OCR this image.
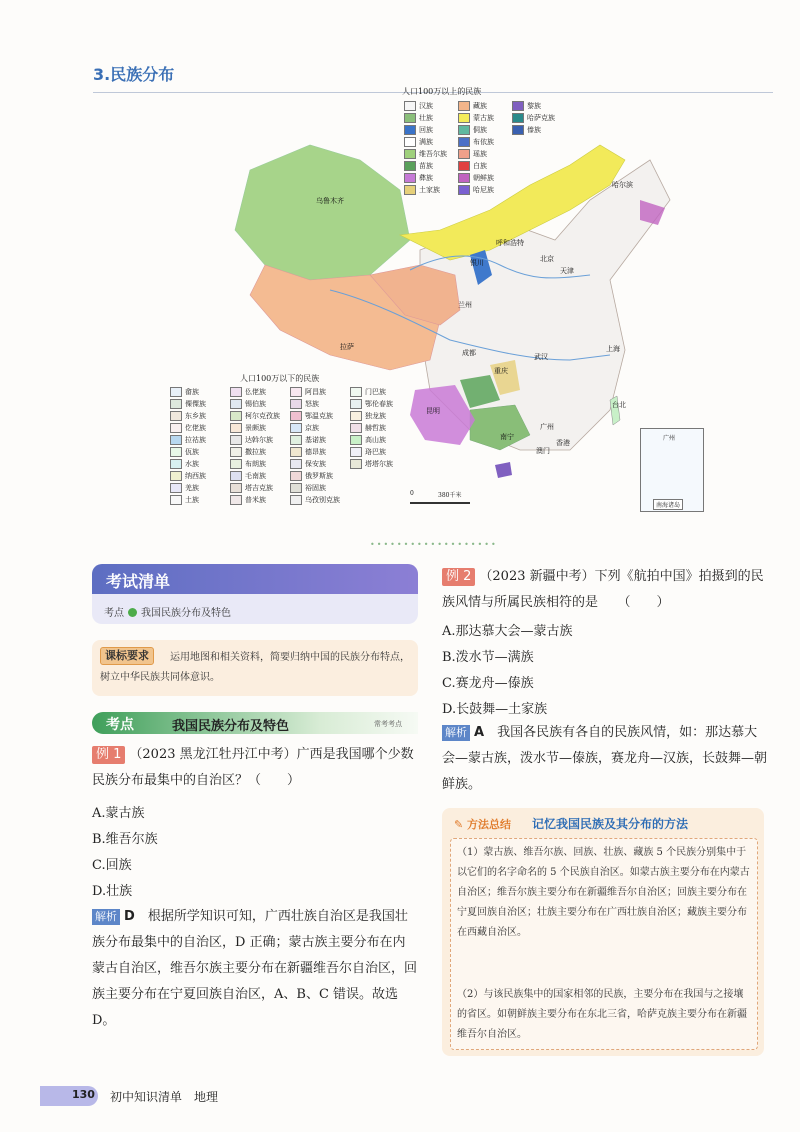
3.民族分布
人口100万以上的民族
汉族
壮族
回族
满族
维吾尔族
苗族
彝族
土家族
藏族
蒙古族
侗族
布依族
瑶族
白族
朝鲜族
哈尼族
黎族
哈萨克族
傣族
人口100万以下的民族
畲族
傈僳族
东乡族
仡佬族
拉祜族
佤族
水族
纳西族
羌族
土族
仫佬族
锡伯族
柯尔克孜族
景颇族
达斡尔族
撒拉族
布朗族
毛南族
塔吉克族
普米族
阿昌族
怒族
鄂温克族
京族
基诺族
德昂族
保安族
俄罗斯族
裕固族
乌孜别克族
门巴族
鄂伦春族
独龙族
赫哲族
高山族
珞巴族
塔塔尔族
乌鲁木齐
呼和浩特
北京
天津
银川
兰州
拉萨
成都
重庆
武汉
上海
昆明
南宁
广州
香港
澳门
台北
哈尔滨
0	380千米
广州
南海诸岛
•••••••••••••••••••
考试清单
考点 我国民族分布及特色
运用地图和相关资料，简要归纳中国的民族分布特点，树立中华民族共同体意识。
课标要求
考点	我国民族分布及特色	常考考点
例 1 （2023 黑龙江牡丹江中考）广西是我国哪个少数民族分布最集中的自治区？（　　）
A.蒙古族
B.维吾尔族
C.回族
D.壮族
解析 D　 根据所学知识可知，广西壮族自治区是我国壮族分布最集中的自治区，D 正确；蒙古族主要分布在内蒙古自治区，维吾尔族主要分布在新疆维吾尔自治区，回族主要分布在宁夏回族自治区，A、B、C 错误。故选 D。
例 2 （2023 新疆中考）下列《航拍中国》拍摄到的民族风情与所属民族相符的是　　（　　）
A.那达慕大会—蒙古族
B.泼水节—满族
C.赛龙舟—傣族
D.长鼓舞—土家族
解析 A　 我国各民族有各自的民族风情，如：那达慕大会—蒙古族，泼水节—傣族，赛龙舟—汉族，长鼓舞—朝鲜族。
✎ 方法总结 记忆我国民族及其分布的方法
（1）蒙古族、维吾尔族、回族、壮族、藏族 5 个民族分别集中于以它们的名字命名的 5 个民族自治区。如蒙古族主要分布在内蒙古自治区；维吾尔族主要分布在新疆维吾尔自治区；回族主要分布在宁夏回族自治区；壮族主要分布在广西壮族自治区；藏族主要分布在西藏自治区。
（2）与该民族集中的国家相邻的民族，主要分布在我国与之接壤的省区。如朝鲜族主要分布在东北三省，哈萨克族主要分布在新疆维吾尔自治区。
130 初中知识清单　地理
